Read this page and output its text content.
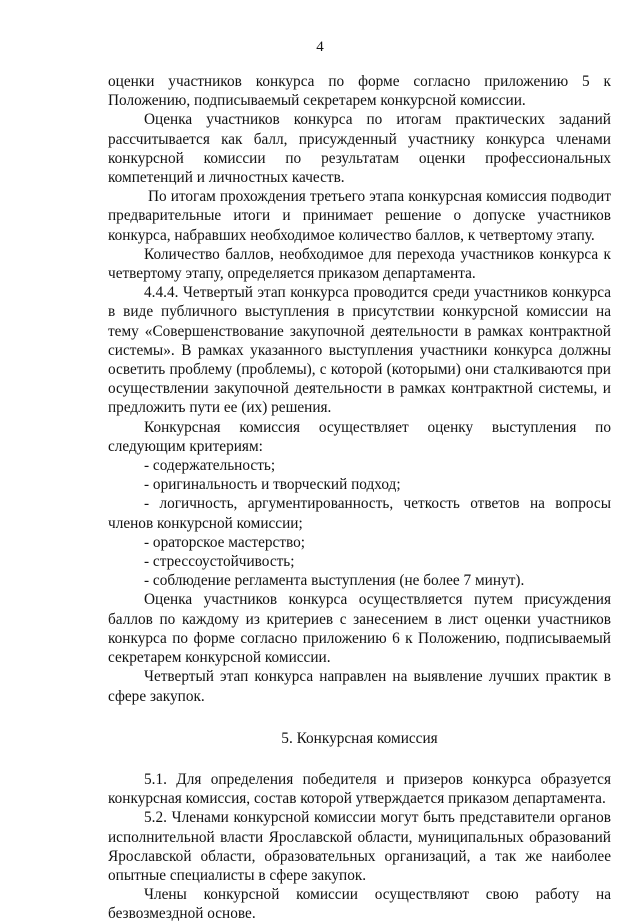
4

оценки участников конкурса по форме согласно приложению 5 к Положению, подписываемый секретарем конкурсной комиссии.

Оценка участников конкурса по итогам практических заданий рассчитывается как балл, присужденный участнику конкурса членами конкурсной комиссии по результатам оценки профессиональных компетенций и личностных качеств.

По итогам прохождения третьего этапа конкурсная комиссия подводит предварительные итоги и принимает решение о допуске участников конкурса, набравших необходимое количество баллов, к четвертому этапу.

Количество баллов, необходимое для перехода участников конкурса к четвертому этапу, определяется приказом департамента.

4.4.4. Четвертый этап конкурса проводится среди участников конкурса в виде публичного выступления в присутствии конкурсной комиссии на тему «Совершенствование закупочной деятельности в рамках контрактной системы». В рамках указанного выступления участники конкурса должны осветить проблему (проблемы), с которой (которыми) они сталкиваются при осуществлении закупочной деятельности в рамках контрактной системы, и предложить пути ее (их) решения.

Конкурсная комиссия осуществляет оценку выступления по следующим критериям:

- содержательность;

- оригинальность и творческий подход;

- логичность, аргументированность, четкость ответов на вопросы членов конкурсной комиссии;

- ораторское мастерство;

- стрессоустойчивость;

- соблюдение регламента выступления (не более 7 минут).

Оценка участников конкурса осуществляется путем присуждения баллов по каждому из критериев с занесением в лист оценки участников конкурса по форме согласно приложению 6 к Положению, подписываемый секретарем конкурсной комиссии.

Четвертый этап конкурса направлен на выявление лучших практик в сфере закупок.

5. Конкурсная комиссия

5.1. Для определения победителя и призеров конкурса образуется конкурсная комиссия, состав которой утверждается приказом департамента.

5.2. Членами конкурсной комиссии могут быть представители органов исполнительной власти Ярославской области, муниципальных образований Ярославской области, образовательных организаций, а так же наиболее опытные специалисты в сфере закупок.

Члены конкурсной комиссии осуществляют свою работу на безвозмездной основе.
